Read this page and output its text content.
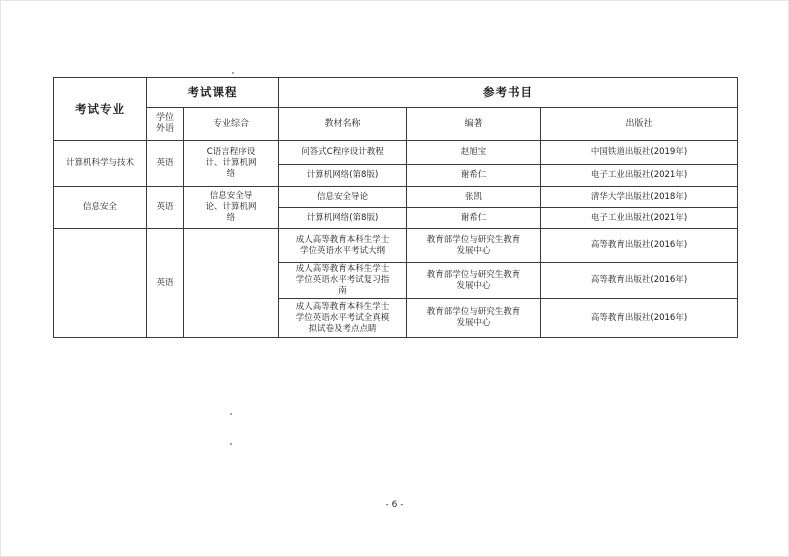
考试专业	考试课程		参考书目		
	学位外语	专业综合	教材名称	编著	出版社
计算机科学与技术	英语	C语言程序设计、计算机网络	问答式C程序设计教程	赵旭宝	中国铁道出版社(2019年)
			计算机网络(第8版)	谢希仁	电子工业出版社(2021年)
信息安全	英语	信息安全导论、计算机网络	信息安全导论	张凯	清华大学出版社(2018年)
			计算机网络(第8版)	谢希仁	电子工业出版社(2021年)
	英语		成人高等教育本科生学士学位英语水平考试大纲	教育部学位与研究生教育发展中心	高等教育出版社(2016年)
			成人高等教育本科生学士学位英语水平考试复习指南	教育部学位与研究生教育发展中心	高等教育出版社(2016年)
			成人高等教育本科生学士学位英语水平考试全真模拟试卷及考点点睛	教育部学位与研究生教育发展中心	高等教育出版社(2016年)
- 6 -
